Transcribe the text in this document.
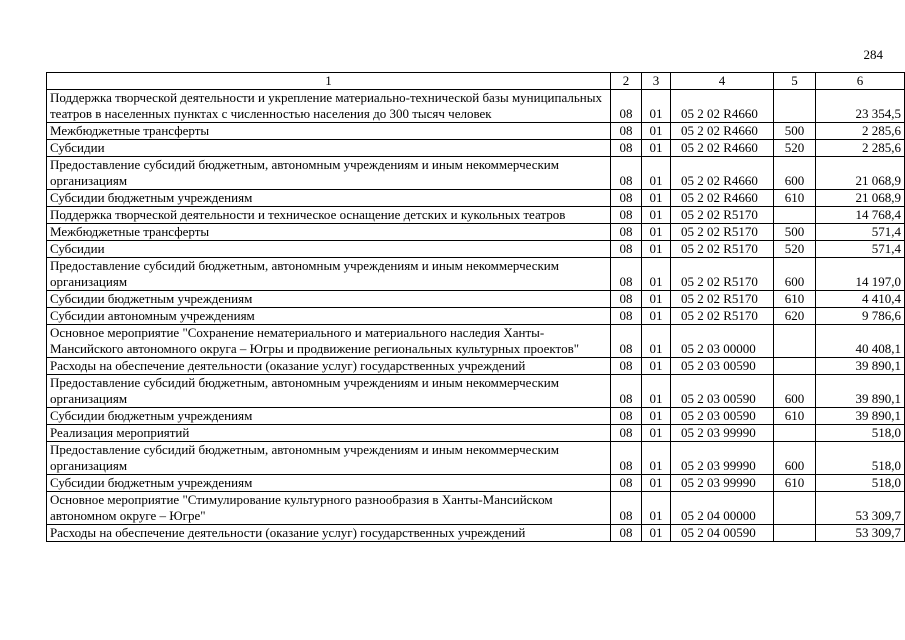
284
1	2	3	4	5	6
Поддержка творческой деятельности и укрепление материально-технической базы муниципальных театров в населенных пунктах с численностью населения до 300 тысяч человек	08	01	05 2 02 R4660		23 354,5
Межбюджетные трансферты	08	01	05 2 02 R4660	500	2 285,6
Субсидии	08	01	05 2 02 R4660	520	2 285,6
Предоставление субсидий бюджетным, автономным учреждениям и иным некоммерческим организациям	08	01	05 2 02 R4660	600	21 068,9
Субсидии бюджетным учреждениям	08	01	05 2 02 R4660	610	21 068,9
Поддержка творческой деятельности и техническое оснащение детских и кукольных театров	08	01	05 2 02 R5170		14 768,4
Межбюджетные трансферты	08	01	05 2 02 R5170	500	571,4
Субсидии	08	01	05 2 02 R5170	520	571,4
Предоставление субсидий бюджетным, автономным учреждениям и иным некоммерческим организациям	08	01	05 2 02 R5170	600	14 197,0
Субсидии бюджетным учреждениям	08	01	05 2 02 R5170	610	4 410,4
Субсидии автономным учреждениям	08	01	05 2 02 R5170	620	9 786,6
Основное мероприятие "Сохранение нематериального и материального наследия Ханты-Мансийского автономного округа – Югры и продвижение региональных культурных проектов"	08	01	05 2 03 00000		40 408,1
Расходы на обеспечение деятельности (оказание услуг) государственных учреждений	08	01	05 2 03 00590		39 890,1
Предоставление субсидий бюджетным, автономным учреждениям и иным некоммерческим организациям	08	01	05 2 03 00590	600	39 890,1
Субсидии бюджетным учреждениям	08	01	05 2 03 00590	610	39 890,1
Реализация мероприятий	08	01	05 2 03 99990		518,0
Предоставление субсидий бюджетным, автономным учреждениям и иным некоммерческим организациям	08	01	05 2 03 99990	600	518,0
Субсидии бюджетным учреждениям	08	01	05 2 03 99990	610	518,0
Основное мероприятие "Стимулирование культурного разнообразия в Ханты-Мансийском автономном округе – Югре"	08	01	05 2 04 00000		53 309,7
Расходы на обеспечение деятельности (оказание услуг) государственных учреждений	08	01	05 2 04 00590		53 309,7
